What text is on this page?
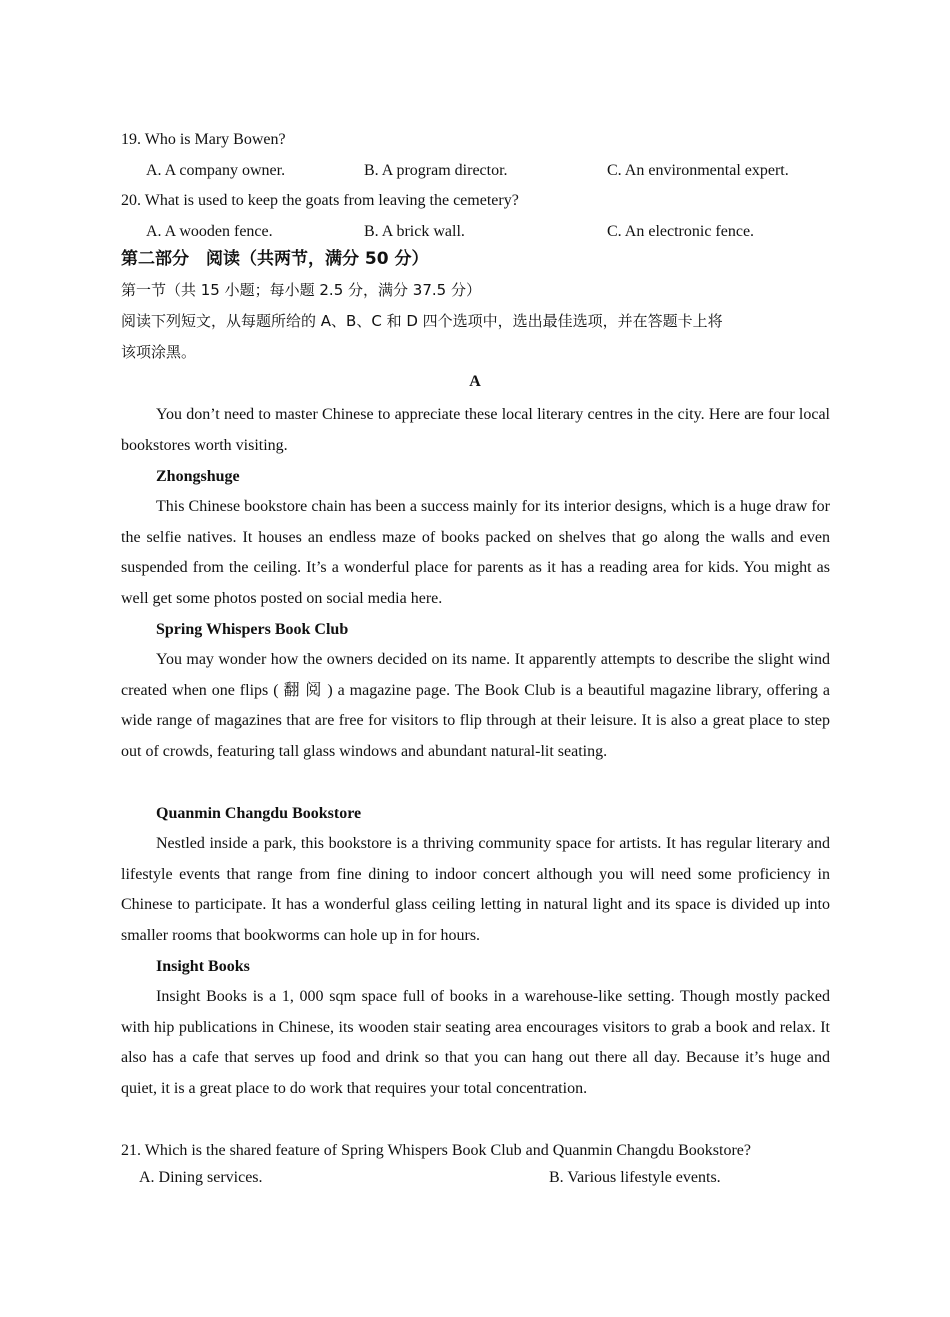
19. Who is Mary Bowen?
A. A company owner.	B. A program director.	C. An environmental expert.
20. What is used to keep the goats from leaving the cemetery?
A. A wooden fence.	B. A brick wall.	C. An electronic fence.
第二部分　阅读（共两节，满分 50 分）
第一节（共 15 小题；每小题 2.5 分，满分 37.5 分）
阅读下列短文，从每题所给的 A、B、C 和 D 四个选项中，选出最佳选项，并在答题卡上将
该项涂黑。
A
You don’t need to master Chinese to appreciate these local literary centres in the city. Here are four local bookstores worth visiting.
Zhongshuge
This Chinese bookstore chain has been a success mainly for its interior designs, which is a huge draw for the selfie natives. It houses an endless maze of books packed on shelves that go along the walls and even suspended from the ceiling. It’s a wonderful place for parents as it has a reading area for kids. You might as well get some photos posted on social media here.
Spring Whispers Book Club
You may wonder how the owners decided on its name. It apparently attempts to describe the slight wind created when one flips ( 翻 阅 ) a magazine page. The Book Club is a beautiful magazine library, offering a wide range of magazines that are free for visitors to flip through at their leisure. It is also a great place to step out of crowds, featuring tall glass windows and abundant natural-lit seating.
Quanmin Changdu Bookstore
Nestled inside a park, this bookstore is a thriving community space for artists. It has regular literary and lifestyle events that range from fine dining to indoor concert although you will need some proficiency in Chinese to participate. It has a wonderful glass ceiling letting in natural light and its space is divided up into smaller rooms that bookworms can hole up in for hours.
Insight Books
Insight Books is a 1, 000 sqm space full of books in a warehouse-like setting. Though mostly packed with hip publications in Chinese, its wooden stair seating area encourages visitors to grab a book and relax. It also has a cafe that serves up food and drink so that you can hang out there all day. Because it’s huge and quiet, it is a great place to do work that requires your total concentration.
21. Which is the shared feature of Spring Whispers Book Club and Quanmin Changdu Bookstore?
A. Dining services.	B. Various lifestyle events.
